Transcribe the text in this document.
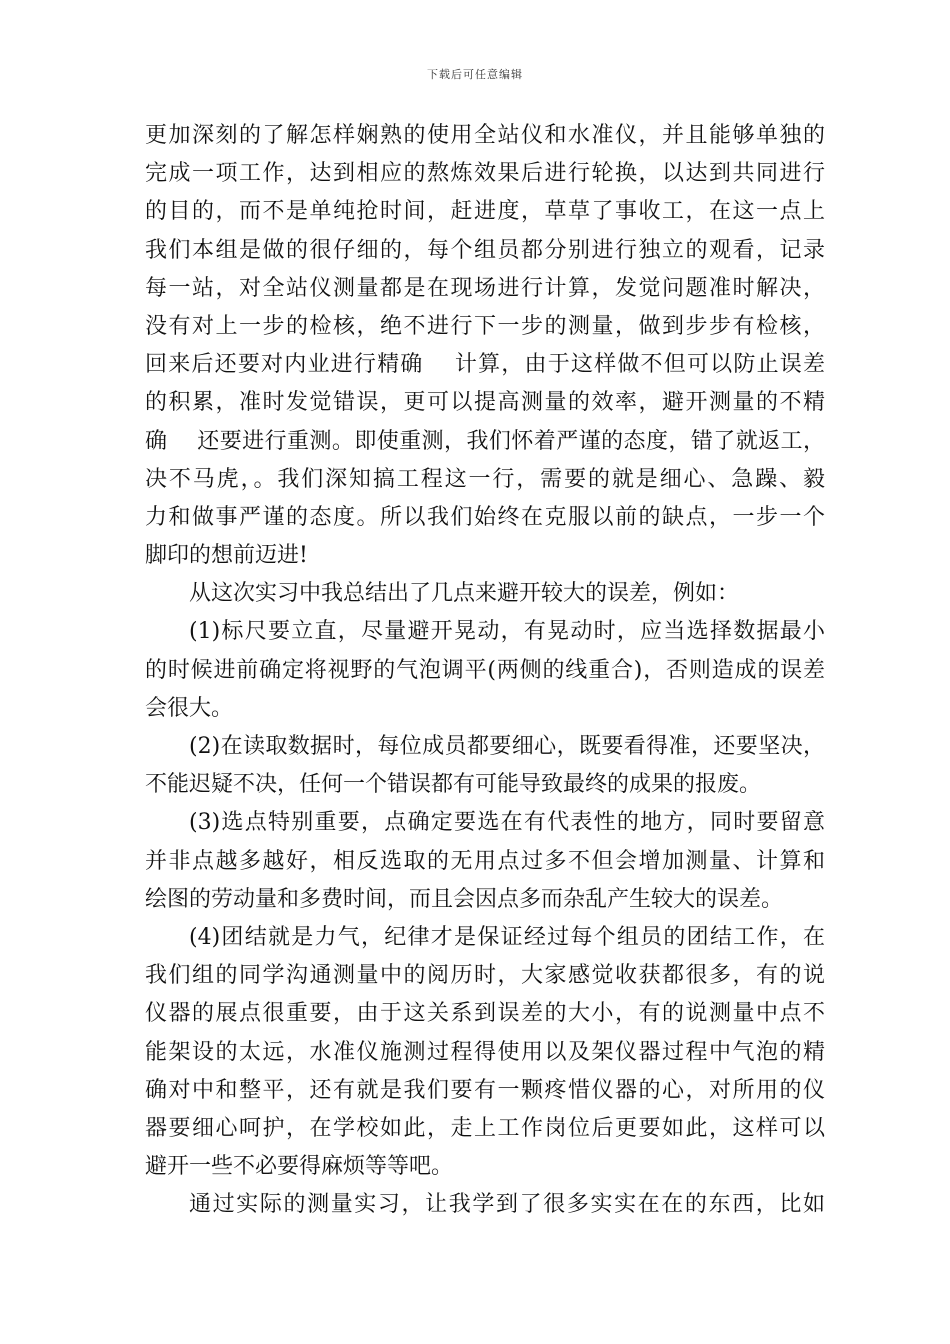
下载后可任意编辑
更加深刻的了解怎样娴熟的使用全站仪和水准仪，并且能够单独的
完成一项工作，达到相应的熬炼效果后进行轮换，以达到共同进行
的目的，而不是单纯抢时间，赶进度，草草了事收工，在这一点上
我们本组是做的很仔细的，每个组员都分别进行独立的观看，记录
每一站，对全站仪测量都是在现场进行计算，发觉问题准时解决，
没有对上一步的检核，绝不进行下一步的测量，做到步步有检核，
回来后还要对内业进行精确　 计算，由于这样做不但可以防止误差
的积累，准时发觉错误，更可以提高测量的效率，避开测量的不精
确　 还要进行重测。即使重测，我们怀着严谨的态度，错了就返工，
决不马虎，。我们深知搞工程这一行，需要的就是细心、急躁、毅
力和做事严谨的态度。所以我们始终在克服以前的缺点，一步一个
脚印的想前迈进!
从这次实习中我总结出了几点来避开较大的误差，例如：
(1)标尺要立直，尽量避开晃动，有晃动时，应当选择数据最小
的时候进前确定将视野的气泡调平(两侧的线重合)，否则造成的误差
会很大。
(2)在读取数据时，每位成员都要细心，既要看得准，还要坚决，
不能迟疑不决，任何一个错误都有可能导致最终的成果的报废。
(3)选点特别重要，点确定要选在有代表性的地方，同时要留意
并非点越多越好，相反选取的无用点过多不但会增加测量、计算和
绘图的劳动量和多费时间，而且会因点多而杂乱产生较大的误差。
(4)团结就是力气，纪律才是保证经过每个组员的团结工作，在
我们组的同学沟通测量中的阅历时，大家感觉收获都很多，有的说
仪器的展点很重要，由于这关系到误差的大小，有的说测量中点不
能架设的太远，水准仪施测过程得使用以及架仪器过程中气泡的精
确对中和整平，还有就是我们要有一颗疼惜仪器的心，对所用的仪
器要细心呵护，在学校如此，走上工作岗位后更要如此，这样可以
避开一些不必要得麻烦等等吧。
通过实际的测量实习，让我学到了很多实实在在的东西，比如
